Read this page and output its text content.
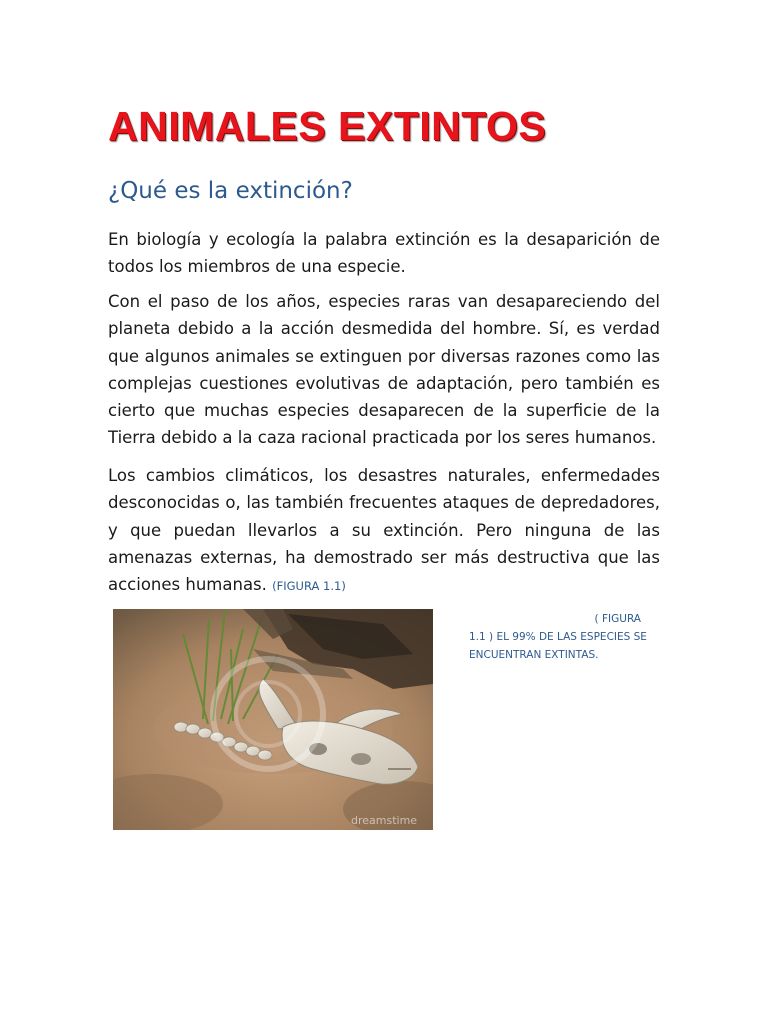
ANIMALES EXTINTOS
¿Qué es la extinción?

En biología y ecología la palabra extinción es la desaparición de todos los miembros de una especie.

Con el paso de los años, especies raras van desapareciendo del planeta debido a la acción desmedida del hombre. Sí, es verdad que algunos animales se extinguen por diversas razones como las complejas cuestiones evolutivas de adaptación, pero también es cierto que muchas especies desaparecen de la superficie de la Tierra debido a la caza racional practicada por los seres humanos.

Los cambios climáticos, los desastres naturales, enfermedades desconocidas o, las también frecuentes ataques de depredadores, y que puedan llevarlos a su extinción. Pero ninguna de las amenazas externas, ha demostrado ser más destructiva que las acciones humanas. (FIGURA 1.1)

dreamstime

( FIGURA
1.1 ) EL 99% DE LAS ESPECIES SE ENCUENTRAN EXTINTAS.
